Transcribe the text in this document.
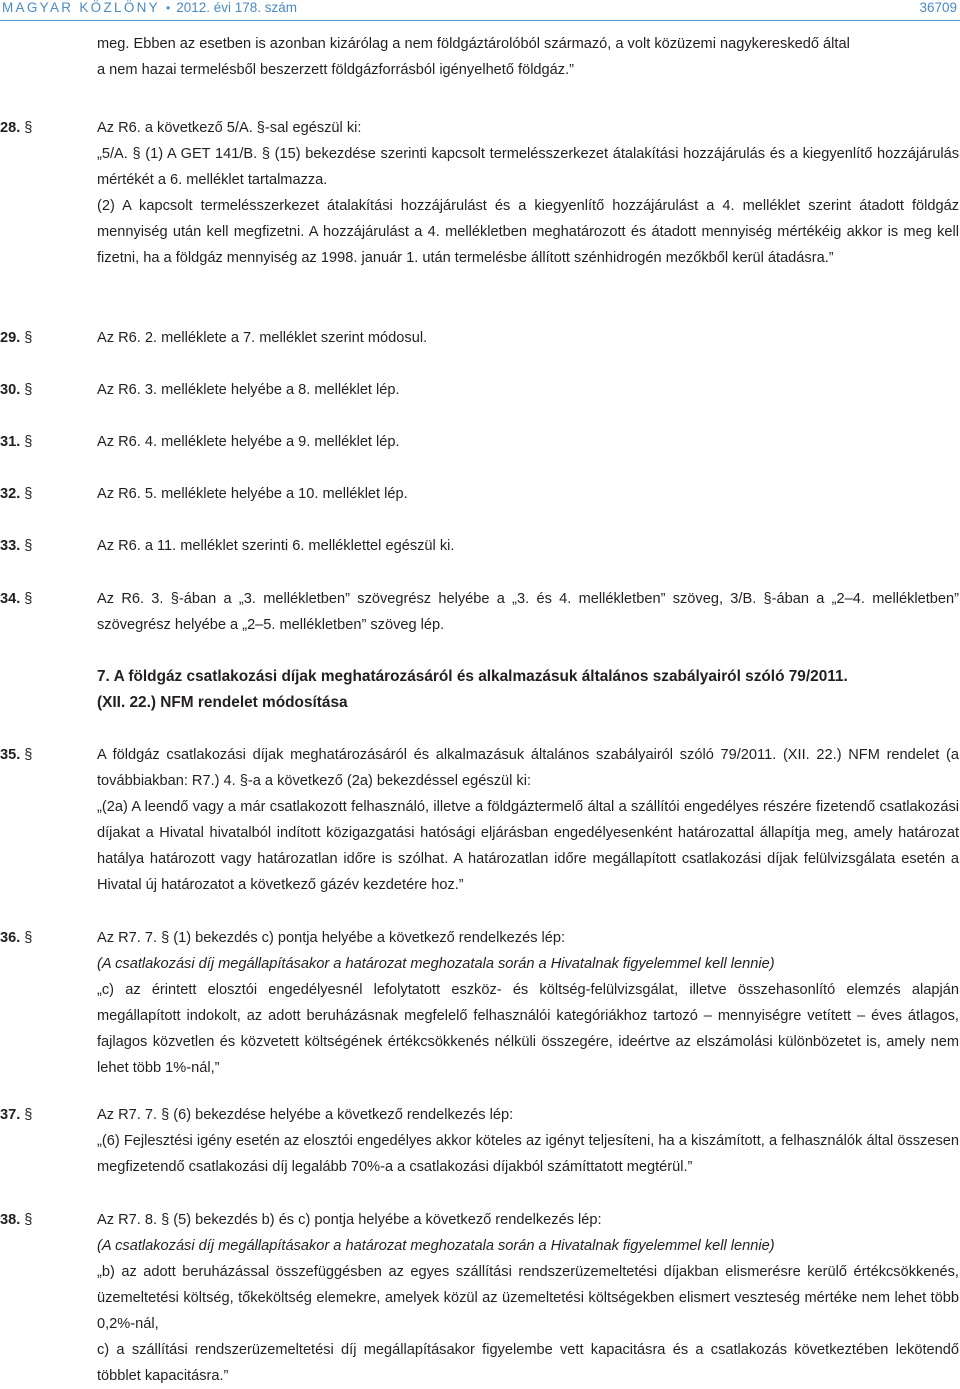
MAGYAR KÖZLÖNY • 2012. évi 178. szám	36709

meg. Ebben az esetben is azonban kizárólag a nem földgáztárolóból származó, a volt közüzemi nagykereskedő által

a nem hazai termelésből beszerzett földgázforrásból igényelhető földgáz.”

28. §	Az R6. a következő 5/A. §-sal egészül ki:

„5/A. § (1) A GET 141/B. § (15) bekezdése szerinti kapcsolt termelésszerkezet átalakítási hozzájárulás és a kiegyenlítő hozzájárulás mértékét a 6. melléklet tartalmazza.

(2) A kapcsolt termelésszerkezet átalakítási hozzájárulást és a kiegyenlítő hozzájárulást a 4. melléklet szerint átadott földgáz mennyiség után kell megfizetni. A hozzájárulást a 4. mellékletben meghatározott és átadott mennyiség mértékéig akkor is meg kell fizetni, ha a földgáz mennyiség az 1998. január 1. után termelésbe állított szénhidrogén mezőkből kerül átadásra.”

29. §	Az R6. 2. melléklete a 7. melléklet szerint módosul.

30. §	Az R6. 3. melléklete helyébe a 8. melléklet lép.

31. §	Az R6. 4. melléklete helyébe a 9. melléklet lép.

32. §	Az R6. 5. melléklete helyébe a 10. melléklet lép.

33. §	Az R6. a 11. melléklet szerinti 6. melléklettel egészül ki.

34. §	Az R6. 3. §-ában a „3. mellékletben” szövegrész helyébe a „3. és 4. mellékletben” szöveg, 3/B. §-ában a „2–4. mellékletben” szövegrész helyébe a „2–5. mellékletben” szöveg lép.

7. A földgáz csatlakozási díjak meghatározásáról és alkalmazásuk általános szabályairól szóló 79/2011. (XII. 22.) NFM rendelet módosítása
35. §	A földgáz csatlakozási díjak meghatározásáról és alkalmazásuk általános szabályairól szóló 79/2011. (XII. 22.) NFM rendelet (a továbbiakban: R7.) 4. §-a a következő (2a) bekezdéssel egészül ki:

„(2a) A leendő vagy a már csatlakozott felhasználó, illetve a földgáztermelő által a szállítói engedélyes részére fizetendő csatlakozási díjakat a Hivatal hivatalból indított közigazgatási hatósági eljárásban engedélyesenként határozattal állapítja meg, amely határozat hatálya határozott vagy határozatlan időre is szólhat. A határozatlan időre megállapított csatlakozási díjak felülvizsgálata esetén a Hivatal új határozatot a következő gázév kezdetére hoz.”

36. §	Az R7. 7. § (1) bekezdés c) pontja helyébe a következő rendelkezés lép:

(A csatlakozási díj megállapításakor a határozat meghozatala során a Hivatalnak figyelemmel kell lennie)

„c) az érintett elosztói engedélyesnél lefolytatott eszköz- és költség-felülvizsgálat, illetve összehasonlító elemzés alapján megállapított indokolt, az adott beruházásnak megfelelő felhasználói kategóriákhoz tartozó – mennyiségre vetített – éves átlagos, fajlagos közvetlen és közvetett költségének értékcsökkenés nélküli összegére, ideértve az elszámolási különbözetet is, amely nem lehet több 1%-nál,”

37. §	Az R7. 7. § (6) bekezdése helyébe a következő rendelkezés lép:

„(6) Fejlesztési igény esetén az elosztói engedélyes akkor köteles az igényt teljesíteni, ha a kiszámított, a felhasználók által összesen megfizetendő csatlakozási díj legalább 70%-a a csatlakozási díjakból számíttatott megtérül.”

38. §	Az R7. 8. § (5) bekezdés b) és c) pontja helyébe a következő rendelkezés lép:

(A csatlakozási díj megállapításakor a határozat meghozatala során a Hivatalnak figyelemmel kell lennie)

„b) az adott beruházással összefüggésben az egyes szállítási rendszerüzemeltetési díjakban elismerésre kerülő értékcsökkenés, üzemeltetési költség, tőkeköltség elemekre, amelyek közül az üzemeltetési költségekben elismert veszteség mértéke nem lehet több 0,2%-nál,

c) a szállítási rendszerüzemeltetési díj megállapításakor figyelembe vett kapacitásra és a csatlakozás következtében lekötendő többlet kapacitásra.”
